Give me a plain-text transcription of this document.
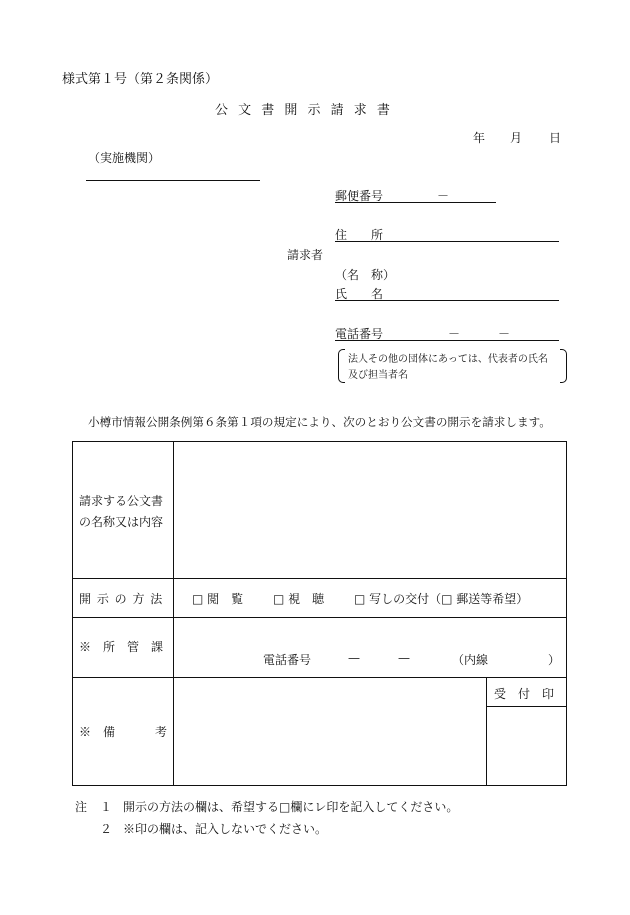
様式第１号（第２条関係）
公 文 書 開 示 請 求 書
年 月 日
（実施機関）
請求者
郵便番号	－
住　　所
（名　称）
氏　　名
電話番号	－	－
法人その他の団体にあっては、代表者の氏名
及び担当者名
小樽市情報公開条例第６条第１項の規定により、次のとおり公文書の開示を請求します。
請求する公文書
の名称又は内容
開 示 の 方 法 □ 閲　覧 □ 視　聴 □ 写しの交付（□ 郵送等希望）
※　所　管　課
電話番号	—	—	（内線	）
※　備	考
受　付　印
注 １ 開示の方法の欄は、希望する□欄にレ印を記入してください。
２ ※印の欄は、記入しないでください。
